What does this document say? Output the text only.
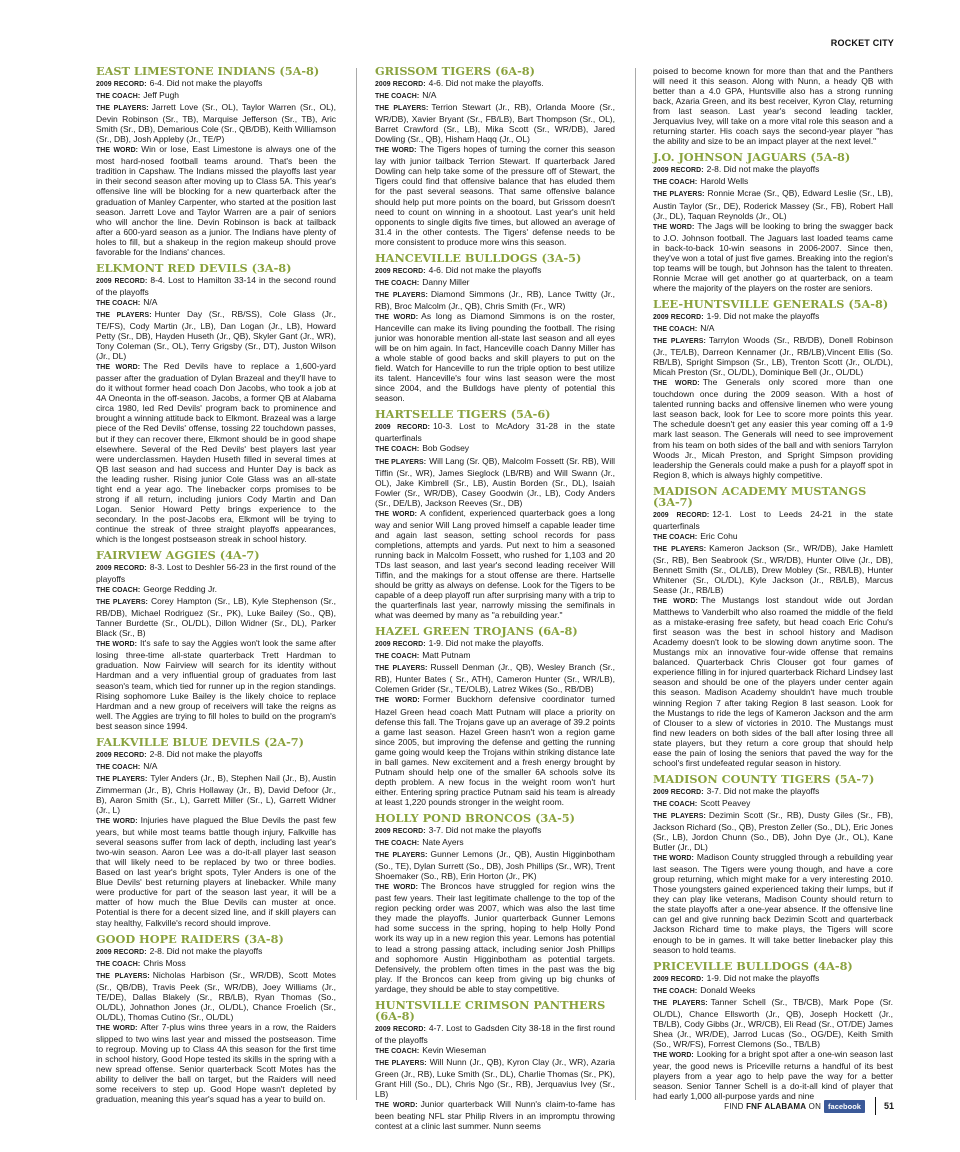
ROCKET CITY
EAST LIMESTONE INDIANS (5A-8)

2009 RECORD: 6-4. Did not make the playoffs

THE COACH: Jeff Pugh

THE PLAYERS: Jarrett Love (Sr., OL), Taylor Warren (Sr., OL), Devin Robinson (Sr., TB), Marquise Jefferson (Sr., TB), Aric Smith (Sr., DB), Demarious Cole (Sr., QB/DB), Keith Williamson (Sr., DB), Josh Appleby (Jr., TE/P)

THE WORD: Win or lose, East Limestone is always one of the most hard-nosed football teams around. That's been the tradition in Capshaw. The Indians missed the playoffs last year in their second season after moving up to Class 5A. This year's offensive line will be blocking for a new quarterback after the graduation of Manley Carpenter, who started at the position last season. Jarrett Love and Taylor Warren are a pair of seniors who will anchor the line. Devin Robinson is back at tailback after a 600-yard season as a junior. The Indians have plenty of holes to fill, but a shakeup in the region makeup should prove favorable for the Indians' chances.

ELKMONT RED DEVILS (3A-8)

2009 RECORD: 8-4. Lost to Hamilton 33-14 in the second round of the playoffs

THE COACH: N/A

THE PLAYERS: Hunter Day (Sr., RB/SS), Cole Glass (Jr., TE/FS), Cody Martin (Jr., LB), Dan Logan (Jr., LB), Howard Petty (Sr., DB), Hayden Huseth (Jr., QB), Skyler Gant (Jr., WR), Tony Coleman (Sr., OL), Terry Grigsby (Sr., DT), Juston Wilson (Jr., DL)

THE WORD: The Red Devils have to replace a 1,600-yard passer after the graduation of Dylan Brazeal and they'll have to do it without former head coach Don Jacobs, who took a job at 4A Oneonta in the off-season. Jacobs, a former QB at Alabama circa 1980, led Red Devils' program back to prominence and brought a winning attitude back to Elkmont. Brazeal was a large piece of the Red Devils' offense, tossing 22 touchdown passes, but if they can recover there, Elkmont should be in good shape elsewhere. Several of the Red Devils' best players last year were underclassmen. Hayden Huseth filled in several times at QB last season and had success and Hunter Day is back as the leading rusher. Rising junior Cole Glass was an all-state tight end a year ago. The linebacker corps promises to be strong if all return, including juniors Cody Martin and Dan Logan. Senior Howard Petty brings experience to the secondary. In the post-Jacobs era, Elkmont will be trying to continue the streak of three straight playoffs appearances, which is the longest postseason streak in school history.

FAIRVIEW AGGIES (4A-7)

2009 RECORD: 8-3. Lost to Deshler 56-23 in the first round of the playoffs

THE COACH: George Redding Jr.

THE PLAYERS: Corey Hampton (Sr., LB), Kyle Stephenson (Sr., RB/DB), Michael Rodriguez (Sr., PK), Luke Bailey (So., QB), Tanner Burdette (Sr., OL/DL), Dillon Widner (Sr., DL), Parker Black (Sr., B)

THE WORD: It's safe to say the Aggies won't look the same after losing three-time all-state quarterback Trett Hardman to graduation. Now Fairview will search for its identity without Hardman and a very influential group of graduates from last season's team, which tied for runner up in the region standings. Rising sophomore Luke Bailey is the likely choice to replace Hardman and a new group of receivers will take the reigns as well. The Aggies are trying to fill holes to build on the program's best season since 1994.

FALKVILLE BLUE DEVILS (2A-7)

2009 RECORD: 2-8. Did not make the playoffs

THE COACH: N/A

THE PLAYERS: Tyler Anders (Jr., B), Stephen Nail (Jr., B), Austin Zimmerman (Jr., B), Chris Hollaway (Jr., B), David Defoor (Jr., B), Aaron Smith (Sr., L), Garrett Miller (Sr., L), Garrett Widner (Jr., L)

THE WORD: Injuries have plagued the Blue Devils the past few years, but while most teams battle though injury, Falkville has several seasons suffer from lack of depth, including last year's two-win season. Aaron Lee was a do-it-all player last season that will likely need to be replaced by two or three bodies. Based on last year's bright spots, Tyler Anders is one of the Blue Devils' best returning players at linebacker. While many were productive for part of the season last year, it will be a matter of how much the Blue Devils can muster at once. Potential is there for a decent sized line, and if skill players can stay healthy, Falkville's record should improve.

GOOD HOPE RAIDERS (3A-8)

2009 RECORD: 2-8. Did not make the playoffs

THE COACH: Chris Moss

THE PLAYERS: Nicholas Harbison (Sr., WR/DB), Scott Motes (Sr., QB/DB), Travis Peek (Sr., WR/DB), Joey Williams (Jr., TE/DE), Dallas Blakely (Sr., RB/LB), Ryan Thomas (So., OL/DL), Johnathon Jones (Jr., OL/DL), Chance Froelich (Sr., OL/DL), Thomas Cutino (Sr., OL/DL)

THE WORD: After 7-plus wins three years in a row, the Raiders slipped to two wins last year and missed the postseason. Time to regroup. Moving up to Class 4A this season for the first time in school history, Good Hope tested its skills in the spring with a new spread offense. Senior quarterback Scott Motes has the ability to deliver the ball on target, but the Raiders will need some receivers to step up. Good Hope wasn't depleted by graduation, meaning this year's squad has a year to build on.

GRISSOM TIGERS (6A-8)

2009 RECORD: 4-6. Did not make the playoffs.

THE COACH: N/A

THE PLAYERS: Terrion Stewart (Jr., RB), Orlanda Moore (Sr., WR/DB), Xavier Bryant (Sr., FB/LB), Bart Thompson (Sr., OL), Barret Crawford (Sr., LB), Mika Scott (Sr., WR/DB), Jared Dowling (Sr., QB), Hisham Haqq (Jr., OL)

THE WORD: The Tigers hopes of turning the corner this season lay with junior tailback Terrion Stewart. If quarterback Jared Dowling can help take some of the pressure off of Stewart, the Tigers could find that offensive balance that has eluded them for the past several seasons. That same offensive balance should help put more points on the board, but Grissom doesn't need to count on winning in a shootout. Last year's unit held opponents to single digits five times, but allowed an average of 31.4 in the other contests. The Tigers' defense needs to be more consistent to produce more wins this season.

HANCEVILLE BULLDOGS (3A-5)

2009 RECORD: 4-6. Did not make the playoffs

THE COACH: Danny Miller

THE PLAYERS: Diamond Simmons (Jr., RB), Lance Twitty (Jr., RB), Broc Malcolm (Jr., QB), Chris Smith (Fr., WR)

THE WORD: As long as Diamond Simmons is on the roster, Hanceville can make its living pounding the football. The rising junior was honorable mention all-state last season and all eyes will be on him again. In fact, Hanceville coach Danny Miller has a whole stable of good backs and skill players to put on the field. Watch for Hanceville to run the triple option to best utilize its talent. Hanceville's four wins last season were the most since 2004, and the Bulldogs have plenty of potential this season.

HARTSELLE TIGERS (5A-6)

2009 RECORD: 10-3. Lost to McAdory 31-28 in the state quarterfinals

THE COACH: Bob Godsey

THE PLAYERS: Will Lang (Sr. QB), Malcolm Fossett (Sr. RB), Will Tiffin (Sr., WR), James Sieglock (LB/RB) and Will Swann (Jr., OL), Jake Kimbrell (Sr., LB), Austin Borden (Sr., DL), Isaiah Fowler (Sr., WR/DB), Casey Goodwin (Jr., LB), Cody Anders (Sr., DE/LB), Jackson Reeves (Sr., DB)

THE WORD: A confident, experienced quarterback goes a long way and senior Will Lang proved himself a capable leader time and again last season, setting school records for pass completions, attempts and yards. Put next to him a seasoned running back in Malcolm Fossett, who rushed for 1,103 and 20 TDs last season, and last year's second leading receiver Will Tiffin, and the makings for a stout offense are there. Hartselle should be gritty as always on defense. Look for the Tigers to be capable of a deep playoff run after surprising many with a trip to the quarterfinals last year, narrowly missing the semifinals in what was deemed by many as "a rebuilding year."

HAZEL GREEN TROJANS (6A-8)

2009 RECORD: 1-9. Did not make the playoffs.

THE COACH: Matt Putnam

THE PLAYERS: Russell Denman (Jr., QB), Wesley Branch (Sr., RB), Hunter Bates ( Sr., ATH), Cameron Hunter (Sr., WR/LB), Colemen Grider (Sr., TE/OLB), Latrez Wikes (So., RB/DB)

THE WORD: Former Buckhorn defensive coordinator turned Hazel Green head coach Matt Putnam will place a priority on defense this fall. The Trojans gave up an average of 39.2 points a game last season. Hazel Green hasn't won a region game since 2005, but improving the defense and getting the running game going would keep the Trojans within striking distance late in ball games. New excitement and a fresh energy brought by Putnam should help one of the smaller 6A schools solve its depth problem. A new focus in the weight room won't hurt either. Entering spring practice Putnam said his team is already at least 1,220 pounds stronger in the weight room.

HOLLY POND BRONCOS (3A-5)

2009 RECORD: 3-7. Did not make the playoffs

THE COACH: Nate Ayers

THE PLAYERS: Gunner Lemons (Jr., QB), Austin Higginbotham (So., TE), Dylan Surrett (So., DB), Josh Phillips (Sr., WR), Trent Shoemaker (So., RB), Erin Horton (Jr., PK)

THE WORD: The Broncos have struggled for region wins the past few years. Their last legitimate challenge to the top of the region pecking order was 2007, which was also the last time they made the playoffs. Junior quarterback Gunner Lemons had some success in the spring, hoping to help Holly Pond work its way up in a new region this year. Lemons has potential to lead a strong passing attack, including senior Josh Phillips and sophomore Austin Higginbotham as potential targets. Defensively, the problem often times in the past was the big play. If the Broncos can keep from giving up big chunks of yardage, they should be able to stay competitive.

HUNTSVILLE CRIMSON PANTHERS (6A-8)

2009 RECORD: 4-7. Lost to Gadsden City 38-18 in the first round of the playoffs

THE COACH: Kevin Wieseman

THE PLAYERS: Will Nunn (Jr., QB), Kyron Clay (Jr., WR), Azaria Green (Jr., RB), Luke Smith (Sr., DL), Charlie Thomas (Sr., PK), Grant Hill (So., DL), Chris Ngo (Sr., RB), Jerquavius Ivey (Sr., LB)

THE WORD: Junior quarterback Will Nunn's claim-to-fame has been beating NFL star Philip Rivers in an impromptu throwing contest at a clinic last summer. Nunn seems

poised to become known for more than that and the Panthers will need it this season. Along with Nunn, a heady QB with better than a 4.0 GPA, Huntsville also has a strong running back, Azaria Green, and its best receiver, Kyron Clay, returning from last season. Last year's second leading tackler, Jerquavius Ivey, will take on a more vital role this season and a returning starter. His coach says the second-year player "has the ability and size to be an impact player at the next level."

J.O. JOHNSON JAGUARS (5A-8)

2009 RECORD: 2-8. Did not make the playoffs

THE COACH: Harold Wells

THE PLAYERS: Ronnie Mcrae (Sr., QB), Edward Leslie (Sr., LB), Austin Taylor (Sr., DE), Roderick Massey (Sr., FB), Robert Hall (Jr., DL), Taquan Reynolds (Jr., OL)

THE WORD: The Jags will be looking to bring the swagger back to J.O. Johnson football. The Jaguars last loaded teams came in back-to-back 10-win seasons in 2006-2007. Since then, they've won a total of just five games. Breaking into the region's top teams will be tough, but Johnson has the talent to threaten. Ronnie Mcrae will get another go at quarterback, on a team where the majority of the players on the roster are seniors.

LEE-HUNTSVILLE GENERALS (5A-8)

2009 RECORD: 1-9. Did not make the playoffs

THE COACH: N/A

THE PLAYERS: Tarrylon Woods (Sr., RB/DB), Donell Robinson (Jr., TE/LB), Darreon Kennamer (Jr., RB/LB),Vincent Ellis (So. RB/LB), Spright Simpson (Sr., LB), Trenton Scott (Jr., OL/DL), Micah Preston (Sr., OL/DL), Dominique Bell (Jr., OL/DL)

THE WORD: The Generals only scored more than one touchdown once during the 2009 season. With a host of talented running backs and offensive linemen who were young last season back, look for Lee to score more points this year. The schedule doesn't get any easier this year coming off a 1-9 mark last season. The Generals will need to see improvement from his team on both sides of the ball and with seniors Tarrylon Woods Jr., Micah Preston, and Spright Simpson providing leadership the Generals could make a push for a playoff spot in Region 8, which is always highly competitive.

MADISON ACADEMY MUSTANGS (3A-7)

2009 RECORD: 12-1. Lost to Leeds 24-21 in the state quarterfinals

THE COACH: Eric Cohu

THE PLAYERS: Kameron Jackson (Sr., WR/DB), Jake Hamlett (Sr., RB), Ben Seabrook (Sr., WR/DB), Hunter Olive (Jr., DB), Bennett Smith (Sr., OL/LB), Drew Mobley (Sr., RB/LB), Hunter Whitener (Sr., OL/DL), Kyle Jackson (Jr., RB/LB), Marcus Sease (Jr., RB/LB)

THE WORD: The Mustangs lost standout wide out Jordan Matthews to Vanderbilt who also roamed the middle of the field as a mistake-erasing free safety, but head coach Eric Cohu's first season was the best in school history and Madison Academy doesn't look to be slowing down anytime soon. The Mustangs mix an innovative four-wide offense that remains balanced. Quarterback Chris Clouser got four games of experience filling in for injured quarterback Richard Lindsey last season and should be one of the players under center again this season. Madison Academy shouldn't have much trouble winning Region 7 after taking Region 8 last season. Look for the Mustangs to ride the legs of Kameron Jackson and the arm of Clouser to a slew of victories in 2010. The Mustangs must find new leaders on both sides of the ball after losing three all state players, but they return a core group that should help ease the pain of losing the seniors that paved the way for the school's first undefeated regular season in history.

MADISON COUNTY TIGERS (5A-7)

2009 RECORD: 3-7. Did not make the playoffs

THE COACH: Scott Peavey

THE PLAYERS: Dezimin Scott (Sr., RB), Dusty Giles (Sr., FB), Jackson Richard (So., QB), Preston Zeller (So., DL), Eric Jones (Sr., LB), Jordon Chunn (So., DB), John Dye (Jr., OL), Kane Butler (Jr., DL)

THE WORD: Madison County struggled through a rebuilding year last season. The Tigers were young though, and have a core group returning, which might make for a very interesting 2010. Those youngsters gained experienced taking their lumps, but if they can play like veterans, Madison County should return to the state playoffs after a one-year absence. If the offensive line can gel and give running back Dezimin Scott and quarterback Jackson Richard time to make plays, the Tigers will score enough to be in games. It will take better linebacker play this season to hold teams.

PRICEVILLE BULLDOGS (4A-8)

2009 RECORD: 1-9. Did not make the playoffs

THE COACH: Donald Weeks

THE PLAYERS: Tanner Schell (Sr., TB/CB), Mark Pope (Sr. OL/DL), Chance Ellsworth (Jr., QB), Joseph Hockett (Jr., TB/LB), Cody Gibbs (Jr., WR/CB), Eli Read (Sr., OT/DE) James Shea (Jr., WR/DE), Jarrod Lucas (So., OG/DE), Keith Smith (So., WR/FS), Forrest Clemons (So., TB/LB)

THE WORD: Looking for a bright spot after a one-win season last year, the good news is Priceville returns a handful of its best players from a year ago to help pave the way for a better season. Senior Tanner Schell is a do-it-all kind of player that had early 1,000 all-purpose yards and nine

FIND FNF ALABAMA ON facebook	51
